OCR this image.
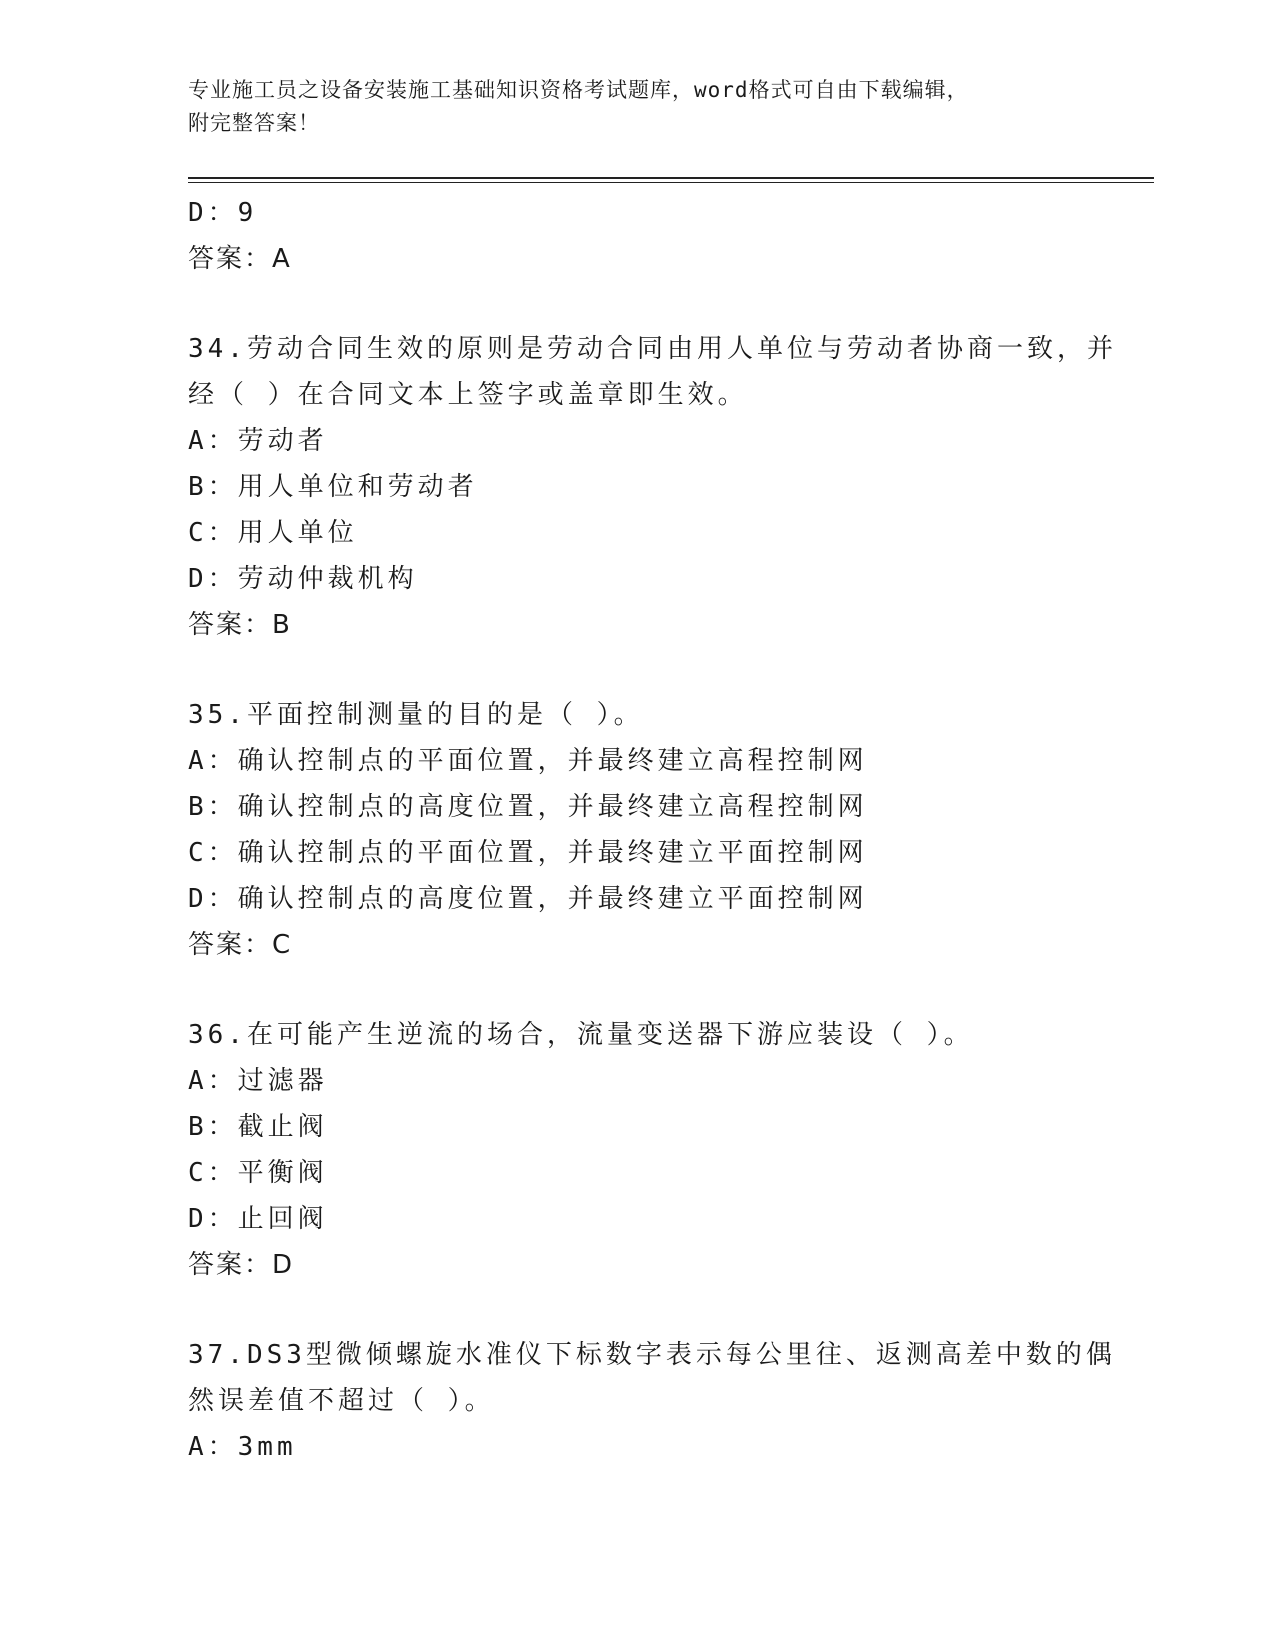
专业施工员之设备安装施工基础知识资格考试题库，word格式可自由下载编辑，
附完整答案！
D：9
答案：A
34.劳动合同生效的原则是劳动合同由用人单位与劳动者协商一致，并
经（ ）在合同文本上签字或盖章即生效。
A：劳动者
B：用人单位和劳动者
C：用人单位
D：劳动仲裁机构
答案：B
35.平面控制测量的目的是（ ）。
A：确认控制点的平面位置，并最终建立高程控制网
B：确认控制点的高度位置，并最终建立高程控制网
C：确认控制点的平面位置，并最终建立平面控制网
D：确认控制点的高度位置，并最终建立平面控制网
答案：C
36.在可能产生逆流的场合，流量变送器下游应装设（ ）。
A：过滤器
B：截止阀
C：平衡阀
D：止回阀
答案：D
37.DS3型微倾螺旋水准仪下标数字表示每公里往、返测高差中数的偶
然误差值不超过（ ）。
A：3mm
